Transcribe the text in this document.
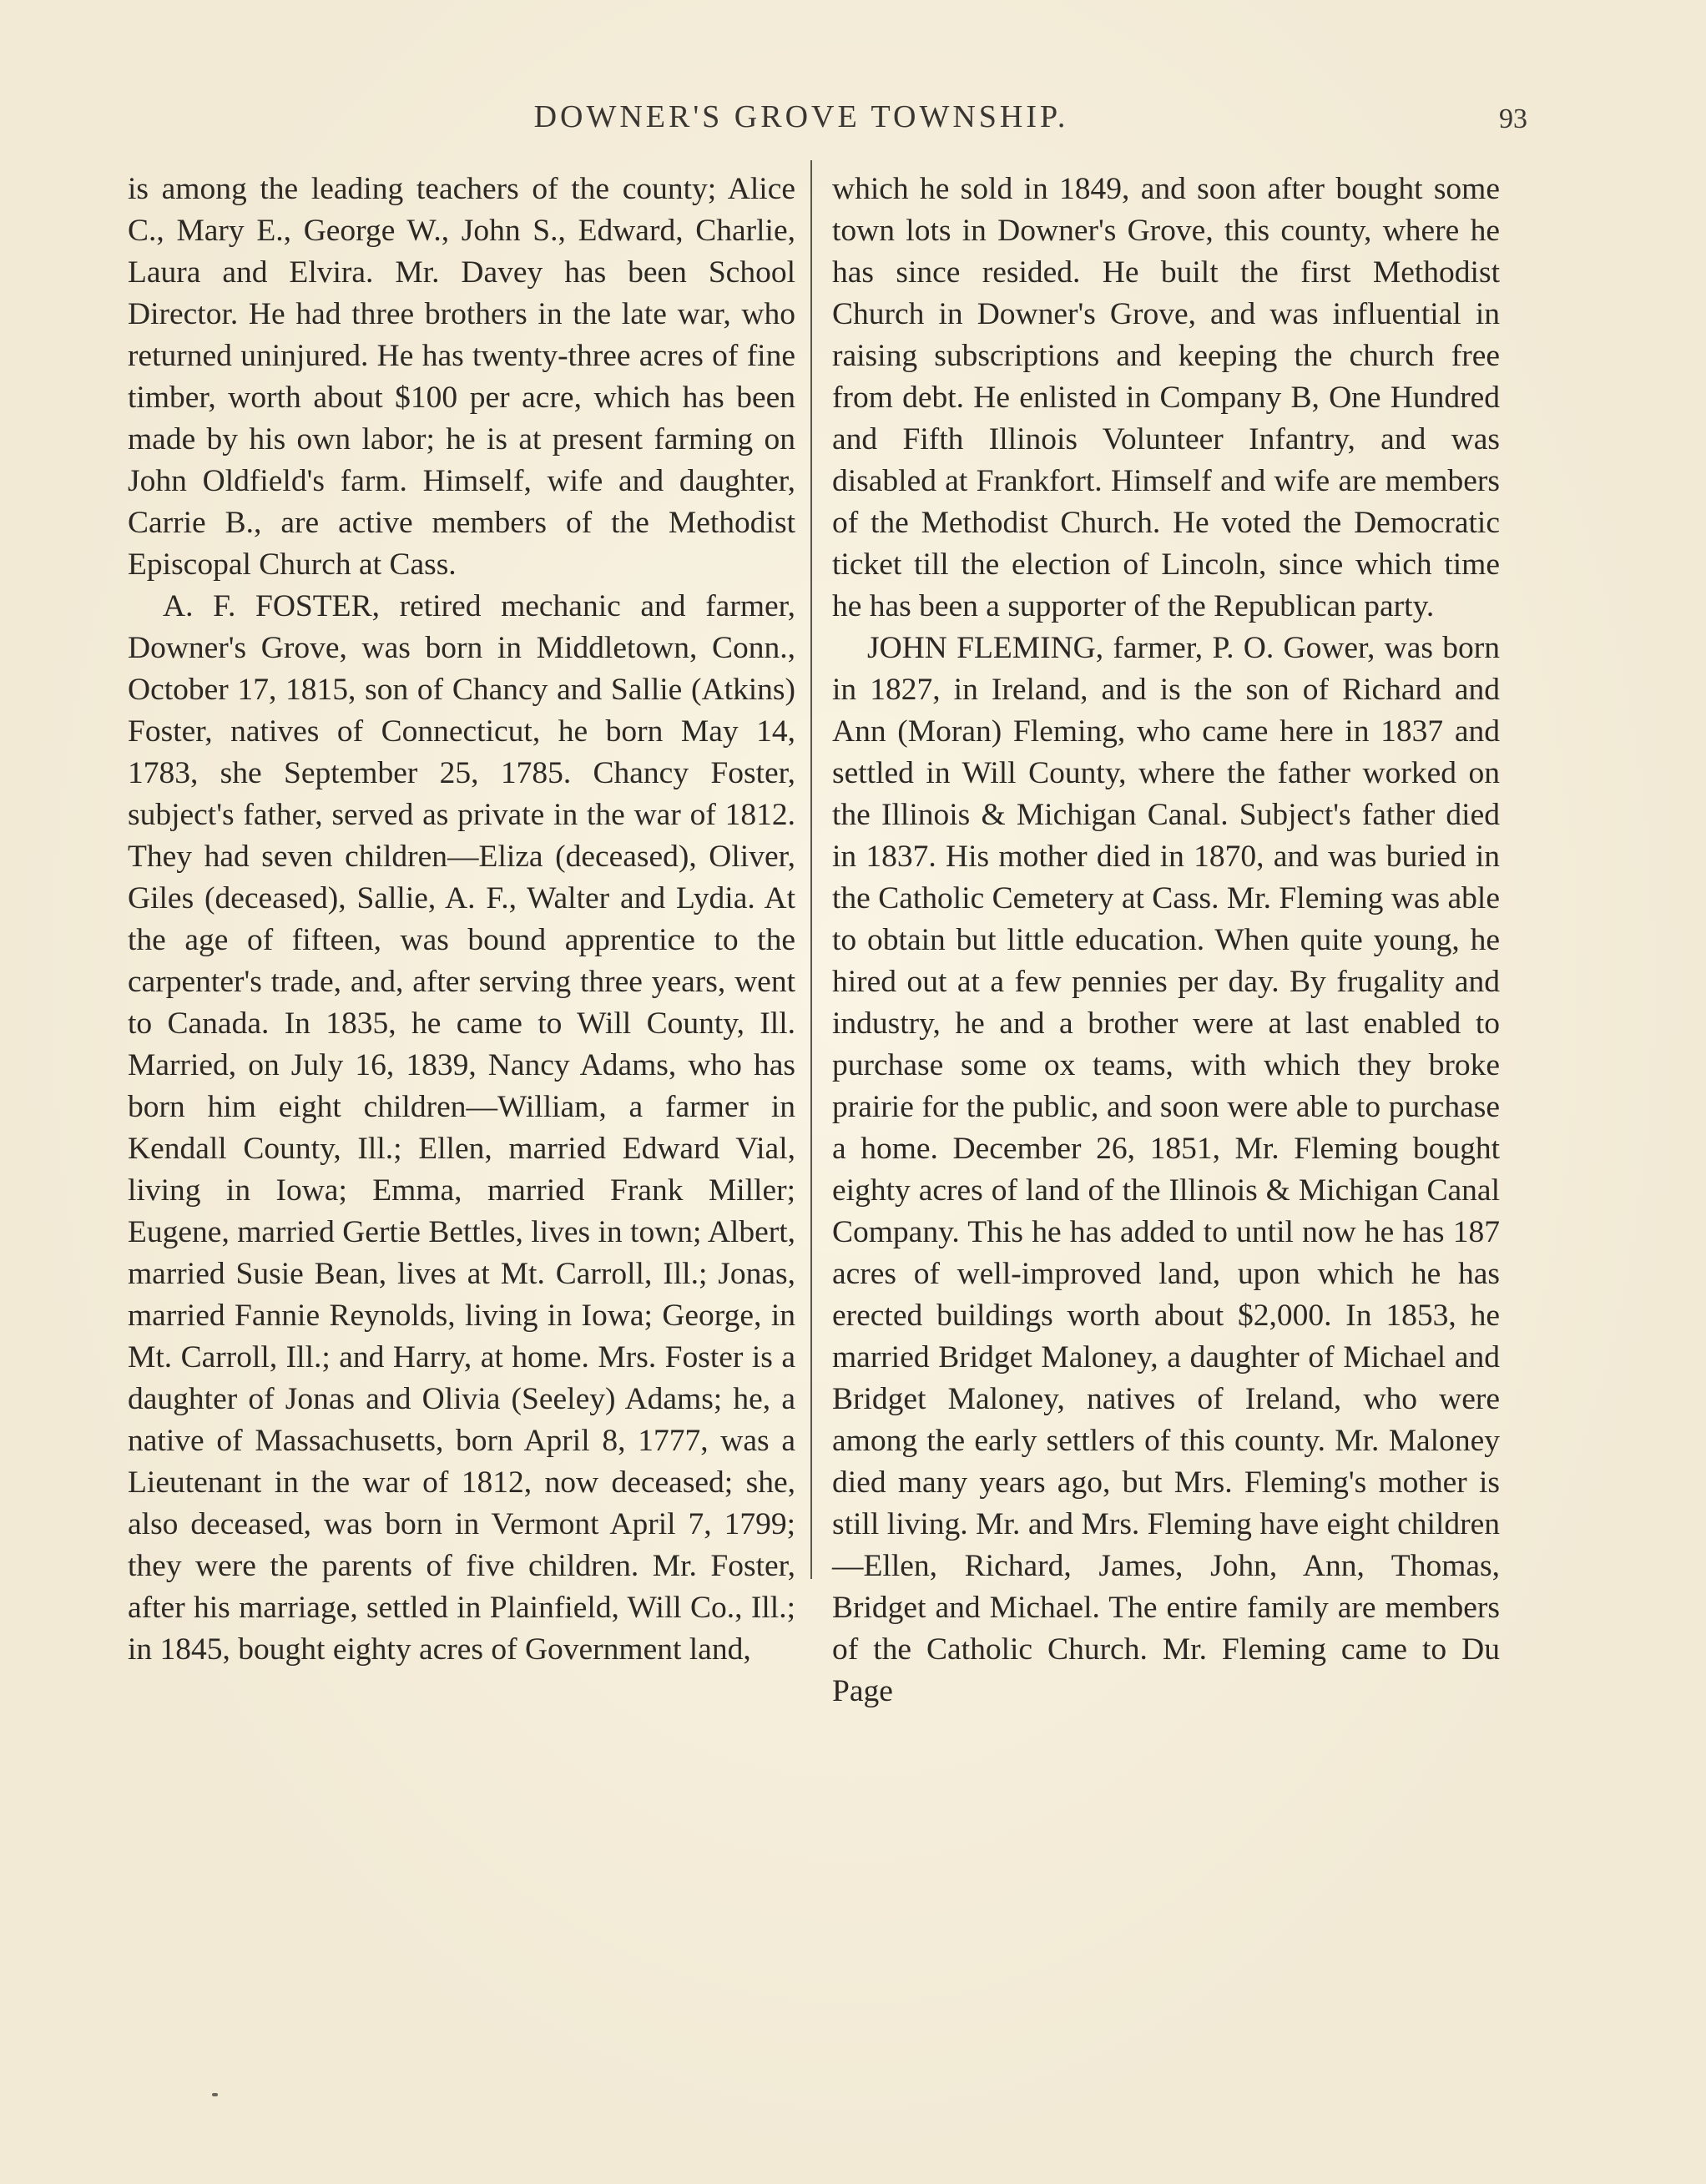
DOWNER'S GROVE TOWNSHIP.	93

is among the leading teachers of the county; Alice C., Mary E., George W., John S., Edward, Charlie, Laura and Elvira. Mr. Davey has been School Director. He had three brothers in the late war, who returned uninjured. He has twenty-three acres of fine timber, worth about $100 per acre, which has been made by his own labor; he is at present farming on John Oldfield's farm. Himself, wife and daughter, Carrie B., are active members of the Methodist Episcopal Church at Cass.

A. F. FOSTER, retired mechanic and farmer, Downer's Grove, was born in Middletown, Conn., October 17, 1815, son of Chancy and Sallie (Atkins) Foster, natives of Connecticut, he born May 14, 1783, she September 25, 1785. Chancy Foster, subject's father, served as private in the war of 1812. They had seven children—Eliza (deceased), Oliver, Giles (deceased), Sallie, A. F., Walter and Lydia. At the age of fifteen, was bound apprentice to the carpenter's trade, and, after serving three years, went to Canada. In 1835, he came to Will County, Ill. Married, on July 16, 1839, Nancy Adams, who has born him eight children—William, a farmer in Kendall County, Ill.; Ellen, married Edward Vial, living in Iowa; Emma, married Frank Miller; Eugene, married Gertie Bettles, lives in town; Albert, married Susie Bean, lives at Mt. Carroll, Ill.; Jonas, married Fannie Reynolds, living in Iowa; George, in Mt. Carroll, Ill.; and Harry, at home. Mrs. Foster is a daughter of Jonas and Olivia (Seeley) Adams; he, a native of Massachusetts, born April 8, 1777, was a Lieutenant in the war of 1812, now deceased; she, also deceased, was born in Vermont April 7, 1799; they were the parents of five children. Mr. Foster, after his marriage, settled in Plainfield, Will Co., Ill.; in 1845, bought eighty acres of Government land,

which he sold in 1849, and soon after bought some town lots in Downer's Grove, this county, where he has since resided. He built the first Methodist Church in Downer's Grove, and was influential in raising subscriptions and keeping the church free from debt. He enlisted in Company B, One Hundred and Fifth Illinois Volunteer Infantry, and was disabled at Frankfort. Himself and wife are members of the Methodist Church. He voted the Democratic ticket till the election of Lincoln, since which time he has been a supporter of the Republican party.

JOHN FLEMING, farmer, P. O. Gower, was born in 1827, in Ireland, and is the son of Richard and Ann (Moran) Fleming, who came here in 1837 and settled in Will County, where the father worked on the Illinois & Michigan Canal. Subject's father died in 1837. His mother died in 1870, and was buried in the Catholic Cemetery at Cass. Mr. Fleming was able to obtain but little education. When quite young, he hired out at a few pennies per day. By frugality and industry, he and a brother were at last enabled to purchase some ox teams, with which they broke prairie for the public, and soon were able to purchase a home. December 26, 1851, Mr. Fleming bought eighty acres of land of the Illinois & Michigan Canal Company. This he has added to until now he has 187 acres of well-improved land, upon which he has erected buildings worth about $2,000. In 1853, he married Bridget Maloney, a daughter of Michael and Bridget Maloney, natives of Ireland, who were among the early settlers of this county. Mr. Maloney died many years ago, but Mrs. Fleming's mother is still living. Mr. and Mrs. Fleming have eight children—Ellen, Richard, James, John, Ann, Thomas, Bridget and Michael. The entire family are members of the Catholic Church. Mr. Fleming came to Du Page
